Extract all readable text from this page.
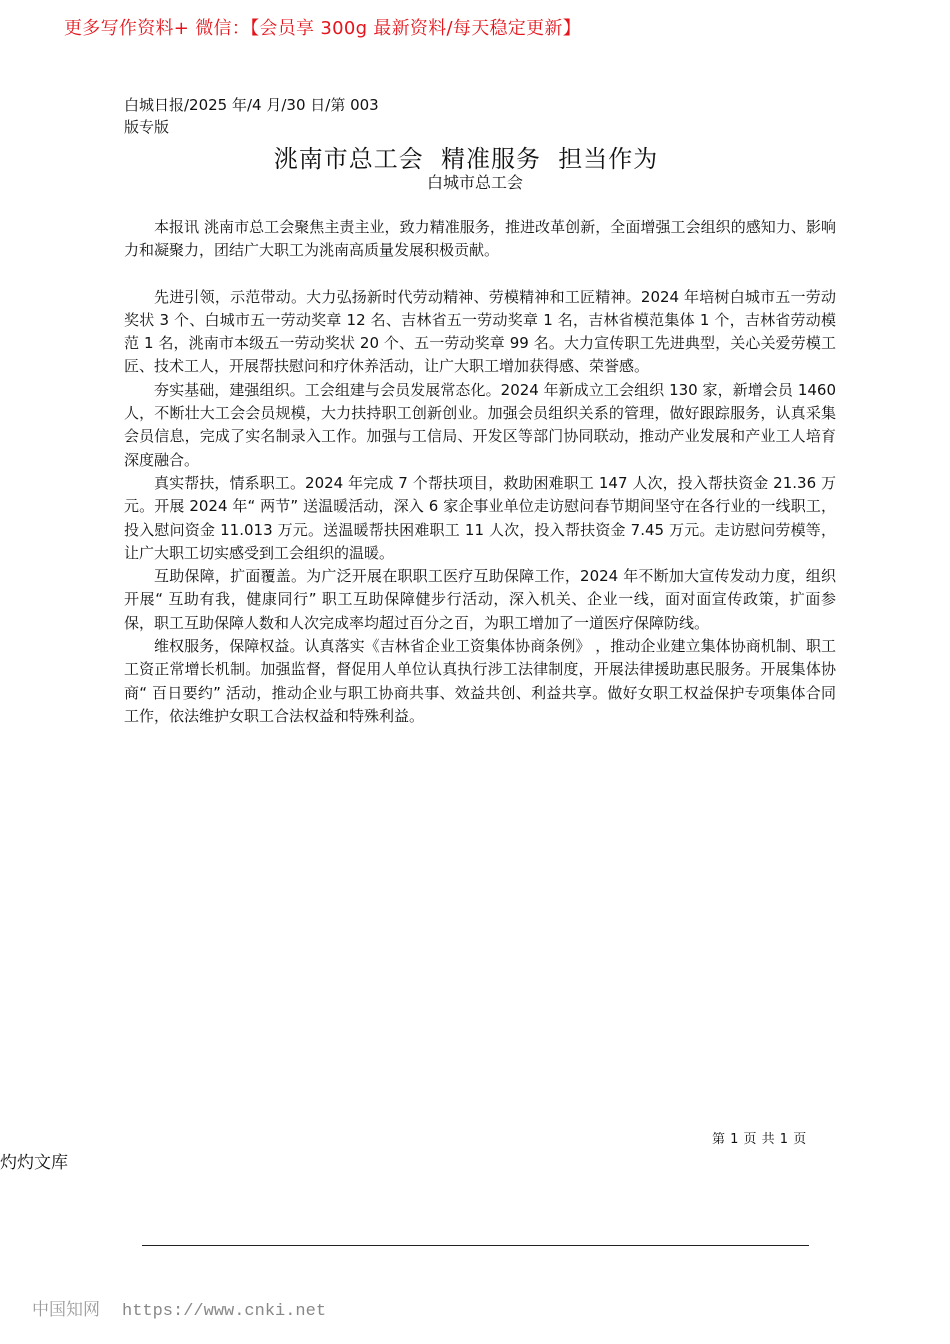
更多写作资料+ 微信：【会员享 300g 最新资料/每天稳定更新】
白城日报/2025 年/4 月/30 日/第 003
版专版
洮南市总工会  精准服务  担当作为
白城市总工会

本报讯 洮南市总工会聚焦主责主业，致力精准服务，推进改革创新，全面增强工会组织的感知力、影响力和凝聚力，团结广大职工为洮南高质量发展积极贡献。

先进引领，示范带动。大力弘扬新时代劳动精神、劳模精神和工匠精神。2024 年培树白城市五一劳动奖状 3 个、白城市五一劳动奖章 12 名、吉林省五一劳动奖章 1 名，吉林省模范集体 1 个，吉林省劳动模范 1 名，洮南市本级五一劳动奖状 20 个、五一劳动奖章 99 名。大力宣传职工先进典型，关心关爱劳模工匠、技术工人，开展帮扶慰问和疗休养活动，让广大职工增加获得感、荣誉感。

夯实基础，建强组织。工会组建与会员发展常态化。2024 年新成立工会组织 130 家，新增会员 1460 人，不断壮大工会会员规模，大力扶持职工创新创业。加强会员组织关系的管理，做好跟踪服务，认真采集会员信息，完成了实名制录入工作。加强与工信局、开发区等部门协同联动，推动产业发展和产业工人培育深度融合。

真实帮扶，情系职工。2024 年完成 7 个帮扶项目，救助困难职工 147 人次，投入帮扶资金 21.36 万元。开展 2024 年“ 两节” 送温暖活动，深入 6 家企事业单位走访慰问春节期间坚守在各行业的一线职工，投入慰问资金 11.013 万元。送温暖帮扶困难职工 11 人次，投入帮扶资金 7.45 万元。走访慰问劳模等，让广大职工切实感受到工会组织的温暖。

互助保障，扩面覆盖。为广泛开展在职职工医疗互助保障工作，2024 年不断加大宣传发动力度，组织开展“ 互助有我，健康同行” 职工互助保障健步行活动，深入机关、企业一线，面对面宣传政策，扩面参保，职工互助保障人数和人次完成率均超过百分之百，为职工增加了一道医疗保障防线。

维权服务，保障权益。认真落实《吉林省企业工资集体协商条例》 ，推动企业建立集体协商机制、职工工资正常增长机制。加强监督，督促用人单位认真执行涉工法律制度，开展法律援助惠民服务。开展集体协商“ 百日要约” 活动，推动企业与职工协商共事、效益共创、利益共享。做好女职工权益保护专项集体合同工作，依法维护女职工合法权益和特殊利益。

第 1 页 共 1 页
灼灼文库
中国知网 https://www.cnki.net
